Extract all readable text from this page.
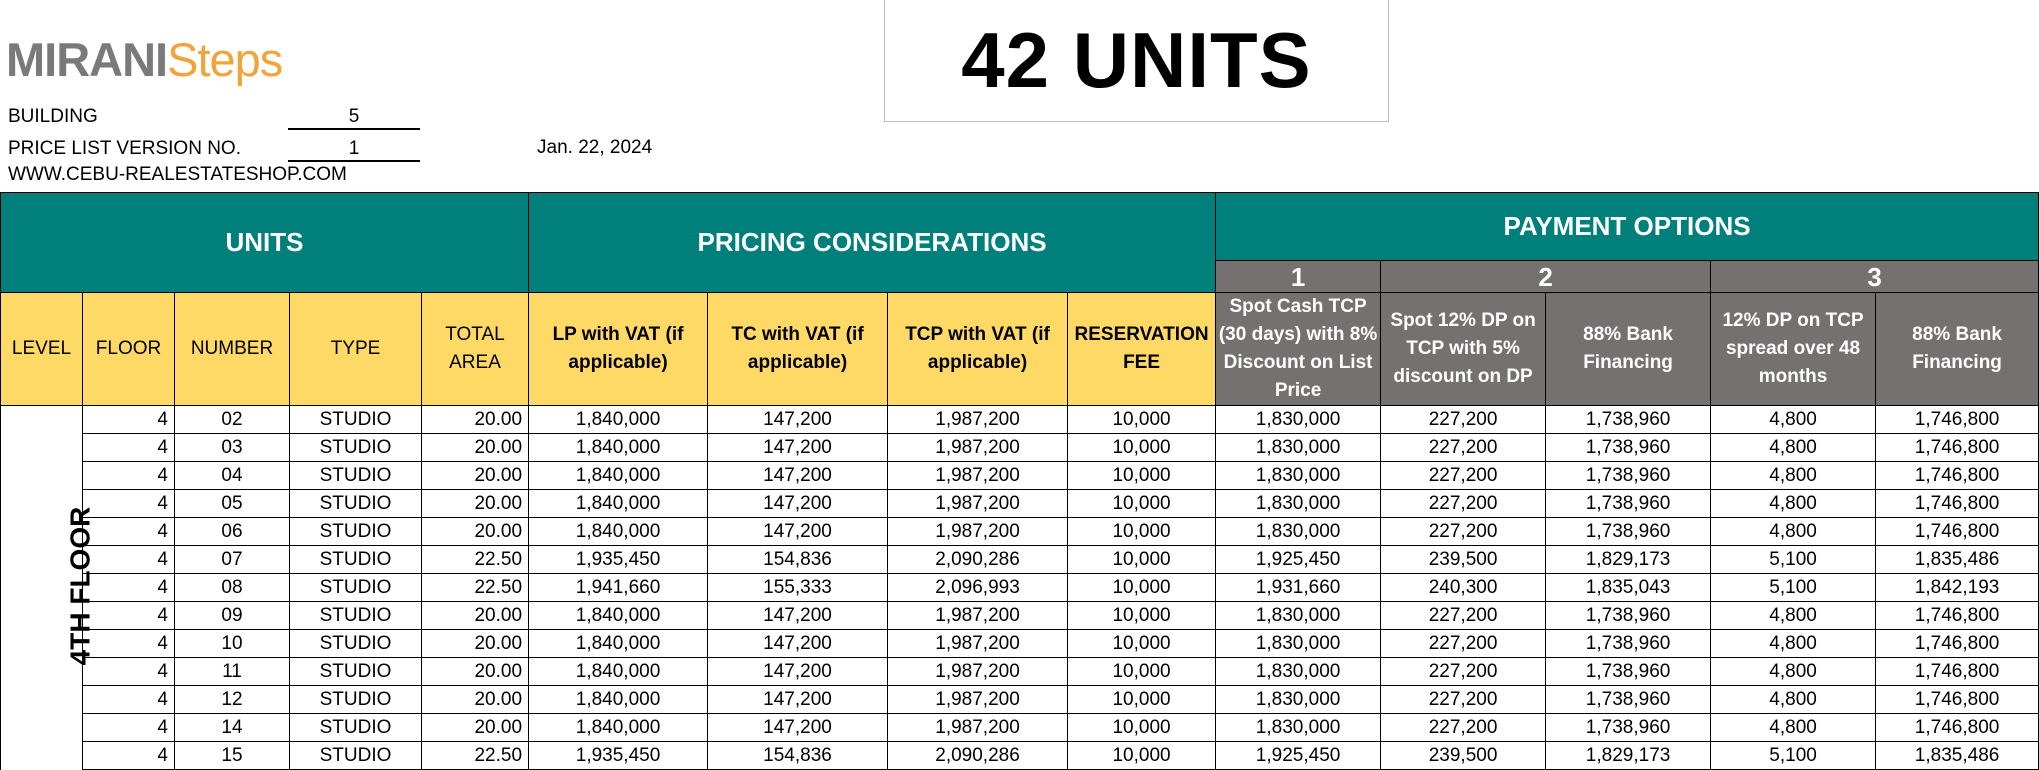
MIRANISteps
BUILDING	5
PRICE LIST VERSION NO.	1	Jan. 22, 2024
WWW.CEBU-REALESTATESHOP.COM
42 UNITS
UNITS					PRICING CONSIDERATIONS				PAYMENT OPTIONS				
									1	2		3	
LEVEL	FLOOR	NUMBER	TYPE	TOTAL AREA	LP with VAT (if applicable)	TC with VAT (if applicable)	TCP with VAT (if applicable)	RESERVATION FEE	Spot Cash TCP (30 days) with 8% Discount on List Price	Spot 12% DP on TCP with 5% discount on DP	88% Bank Financing	12% DP on TCP spread over 48 months	88% Bank Financing
4TH FLOOR	4	02	STUDIO	20.00	1,840,000	147,200	1,987,200	10,000	1,830,000	227,200	1,738,960	4,800	1,746,800
	4	03	STUDIO	20.00	1,840,000	147,200	1,987,200	10,000	1,830,000	227,200	1,738,960	4,800	1,746,800
	4	04	STUDIO	20.00	1,840,000	147,200	1,987,200	10,000	1,830,000	227,200	1,738,960	4,800	1,746,800
	4	05	STUDIO	20.00	1,840,000	147,200	1,987,200	10,000	1,830,000	227,200	1,738,960	4,800	1,746,800
	4	06	STUDIO	20.00	1,840,000	147,200	1,987,200	10,000	1,830,000	227,200	1,738,960	4,800	1,746,800
	4	07	STUDIO	22.50	1,935,450	154,836	2,090,286	10,000	1,925,450	239,500	1,829,173	5,100	1,835,486
	4	08	STUDIO	22.50	1,941,660	155,333	2,096,993	10,000	1,931,660	240,300	1,835,043	5,100	1,842,193
	4	09	STUDIO	20.00	1,840,000	147,200	1,987,200	10,000	1,830,000	227,200	1,738,960	4,800	1,746,800
	4	10	STUDIO	20.00	1,840,000	147,200	1,987,200	10,000	1,830,000	227,200	1,738,960	4,800	1,746,800
	4	11	STUDIO	20.00	1,840,000	147,200	1,987,200	10,000	1,830,000	227,200	1,738,960	4,800	1,746,800
	4	12	STUDIO	20.00	1,840,000	147,200	1,987,200	10,000	1,830,000	227,200	1,738,960	4,800	1,746,800
	4	14	STUDIO	20.00	1,840,000	147,200	1,987,200	10,000	1,830,000	227,200	1,738,960	4,800	1,746,800
	4	15	STUDIO	22.50	1,935,450	154,836	2,090,286	10,000	1,925,450	239,500	1,829,173	5,100	1,835,486
